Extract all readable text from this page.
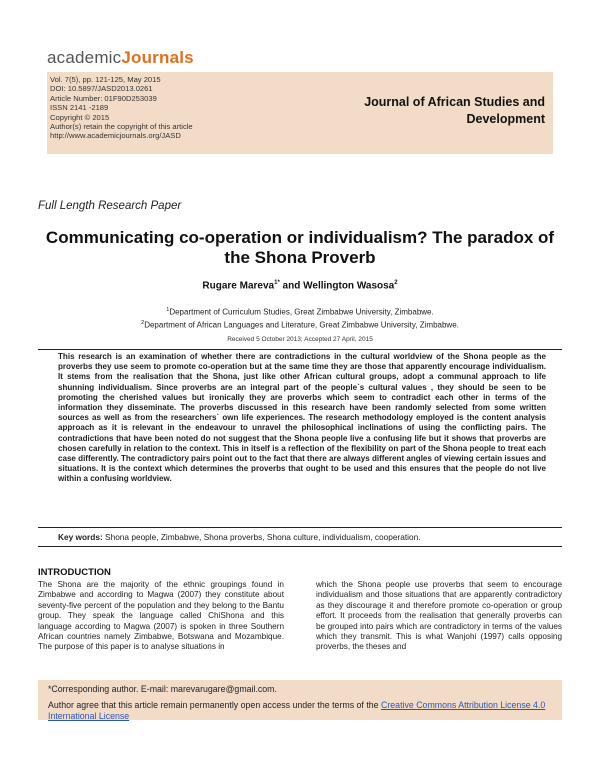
academicJournals
Vol. 7(5), pp. 121-125, May 2015
DOI: 10.5897/JASD2013.0261
Article Number: 01F90D253039
ISSN 2141 -2189
Copyright © 2015
Author(s) retain the copyright of this article
http://www.academicjournals.org/JASD
Journal of African Studies and Development
Full Length Research Paper
Communicating co-operation or individualism? The paradox of the Shona Proverb
Rugare Mareva$^{1*}$ and Wellington Wasosa$^2$
$^1$Department of Curriculum Studies, Great Zimbabwe University, Zimbabwe.
$^2$Department of African Languages and Literature, Great Zimbabwe University, Zimbabwe.
Received 5 October 2013; Accepted 27 April, 2015
This research is an examination of whether there are contradictions in the cultural worldview of the Shona people as the proverbs they use seem to promote co-operation but at the same time they are those that apparently encourage individualism. It stems from the realisation that the Shona, just like other African cultural groups, adopt a communal approach to life shunning individualism. Since proverbs are an integral part of the people`s cultural values , they should be seen to be promoting the cherished values but ironically they are proverbs which seem to contradict each other in terms of the information they disseminate. The proverbs discussed in this research have been randomly selected from some written sources as well as from the researchers` own life experiences. The research methodology employed is the content analysis approach as it is relevant in the endeavour to unravel the philosophical inclinations of using the conflicting pairs. The contradictions that have been noted do not suggest that the Shona people live a confusing life but it shows that proverbs are chosen carefully in relation to the context. This in itself is a reflection of the flexibility on part of the Shona people to treat each case differently. The contradictory pairs point out to the fact that there are always different angles of viewing certain issues and situations. It is the context which determines the proverbs that ought to be used and this ensures that the people do not live within a confusing worldview.
Key words: Shona people, Zimbabwe, Shona proverbs, Shona culture, individualism, cooperation.
INTRODUCTION
The Shona are the majority of the ethnic groupings found in Zimbabwe and according to Magwa (2007) they constitute about seventy-five percent of the population and they belong to the Bantu group. They speak the language called ChiShona and this language according to Magwa (2007) is spoken in three Southern African countries namely Zimbabwe, Botswana and Mozambique. The purpose of this paper is to analyse situations in
which the Shona people use proverbs that seem to encourage individualism and those situations that are apparently contradictory as they discourage it and therefore promote co-operation or group effort. It proceeds from the realisation that generally proverbs can be grouped into pairs which are contradictory in terms of the values which they transmit. This is what Wanjohi (1997) calls opposing proverbs, the theses and
*Corresponding author. E-mail: marevarugare@gmail.com.
Author agree that this article remain permanently open access under the terms of the Creative Commons Attribution License 4.0 International License
